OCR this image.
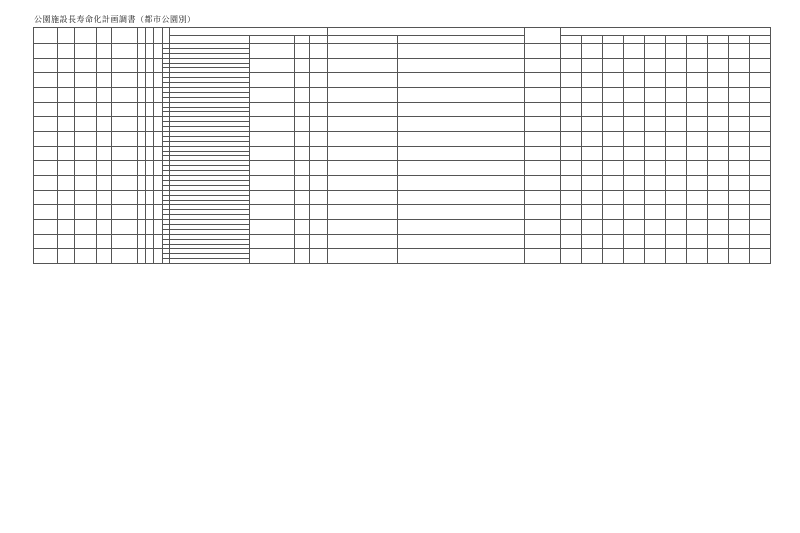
公園施設長寿命化計画調書（都市公園別）
